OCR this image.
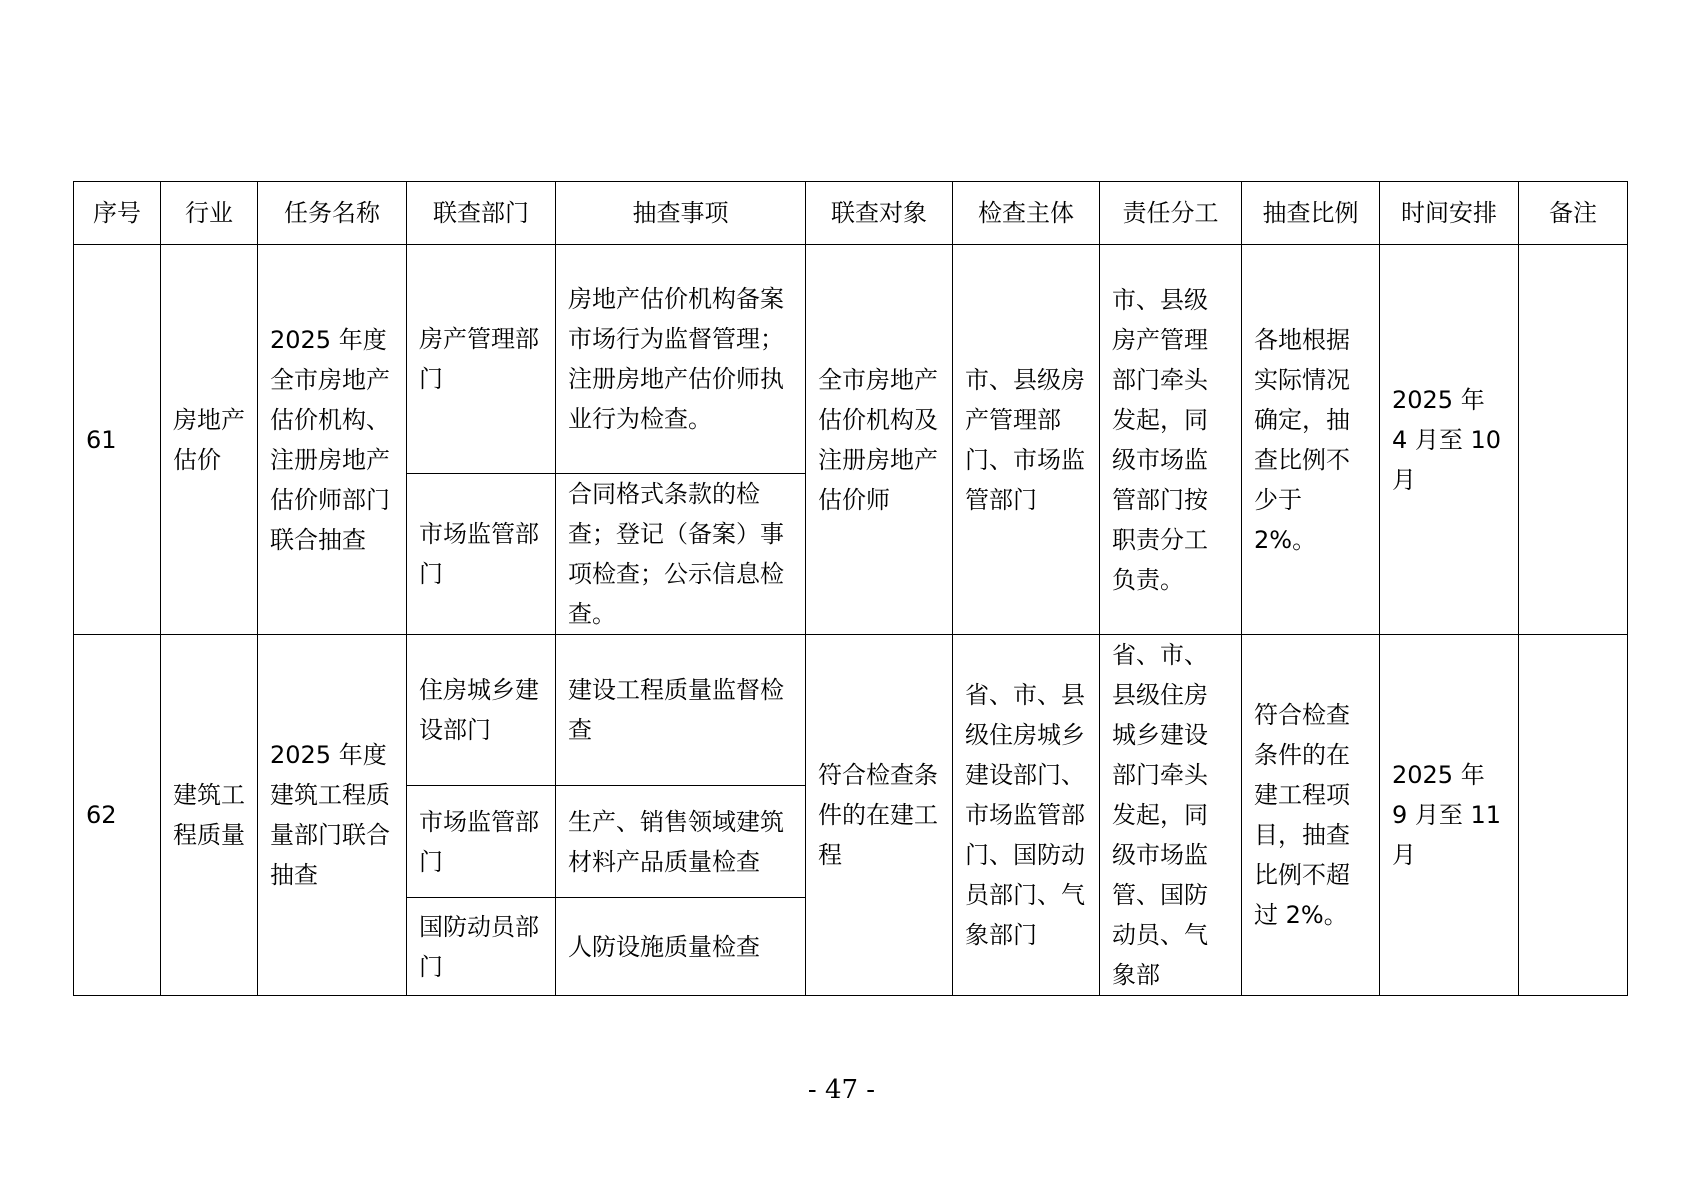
序号	行业	任务名称	联查部门	抽查事项	联查对象	检查主体	责任分工	抽查比例	时间安排	备注
61	房地产估价	2025 年度全市房地产估价机构、注册房地产估价师部门联合抽查	房产管理部门	房地产估价机构备案市场行为监督管理；注册房地产估价师执业行为检查。	全市房地产估价机构及注册房地产估价师	市、县级房产管理部门、市场监管部门	市、县级房产管理部门牵头发起，同级市场监管部门按职责分工负责。	各地根据实际情况确定，抽查比例不少于 2%。	2025 年 4 月至 10 月	
			市场监管部门	合同格式条款的检查；登记（备案）事项检查；公示信息检查。						
62	建筑工程质量	2025 年度建筑工程质量部门联合抽查	住房城乡建设部门	建设工程质量监督检查	符合检查条件的在建工程	省、市、县级住房城乡建设部门、市场监管部门、国防动员部门、气象部门	省、市、县级住房城乡建设部门牵头发起，同级市场监管、国防动员、气象部	符合检查条件的在建工程项目，抽查比例不超过 2%。	2025 年 9 月至 11 月	
			市场监管部门	生产、销售领域建筑材料产品质量检查						
			国防动员部门	人防设施质量检查						
- 47 -
